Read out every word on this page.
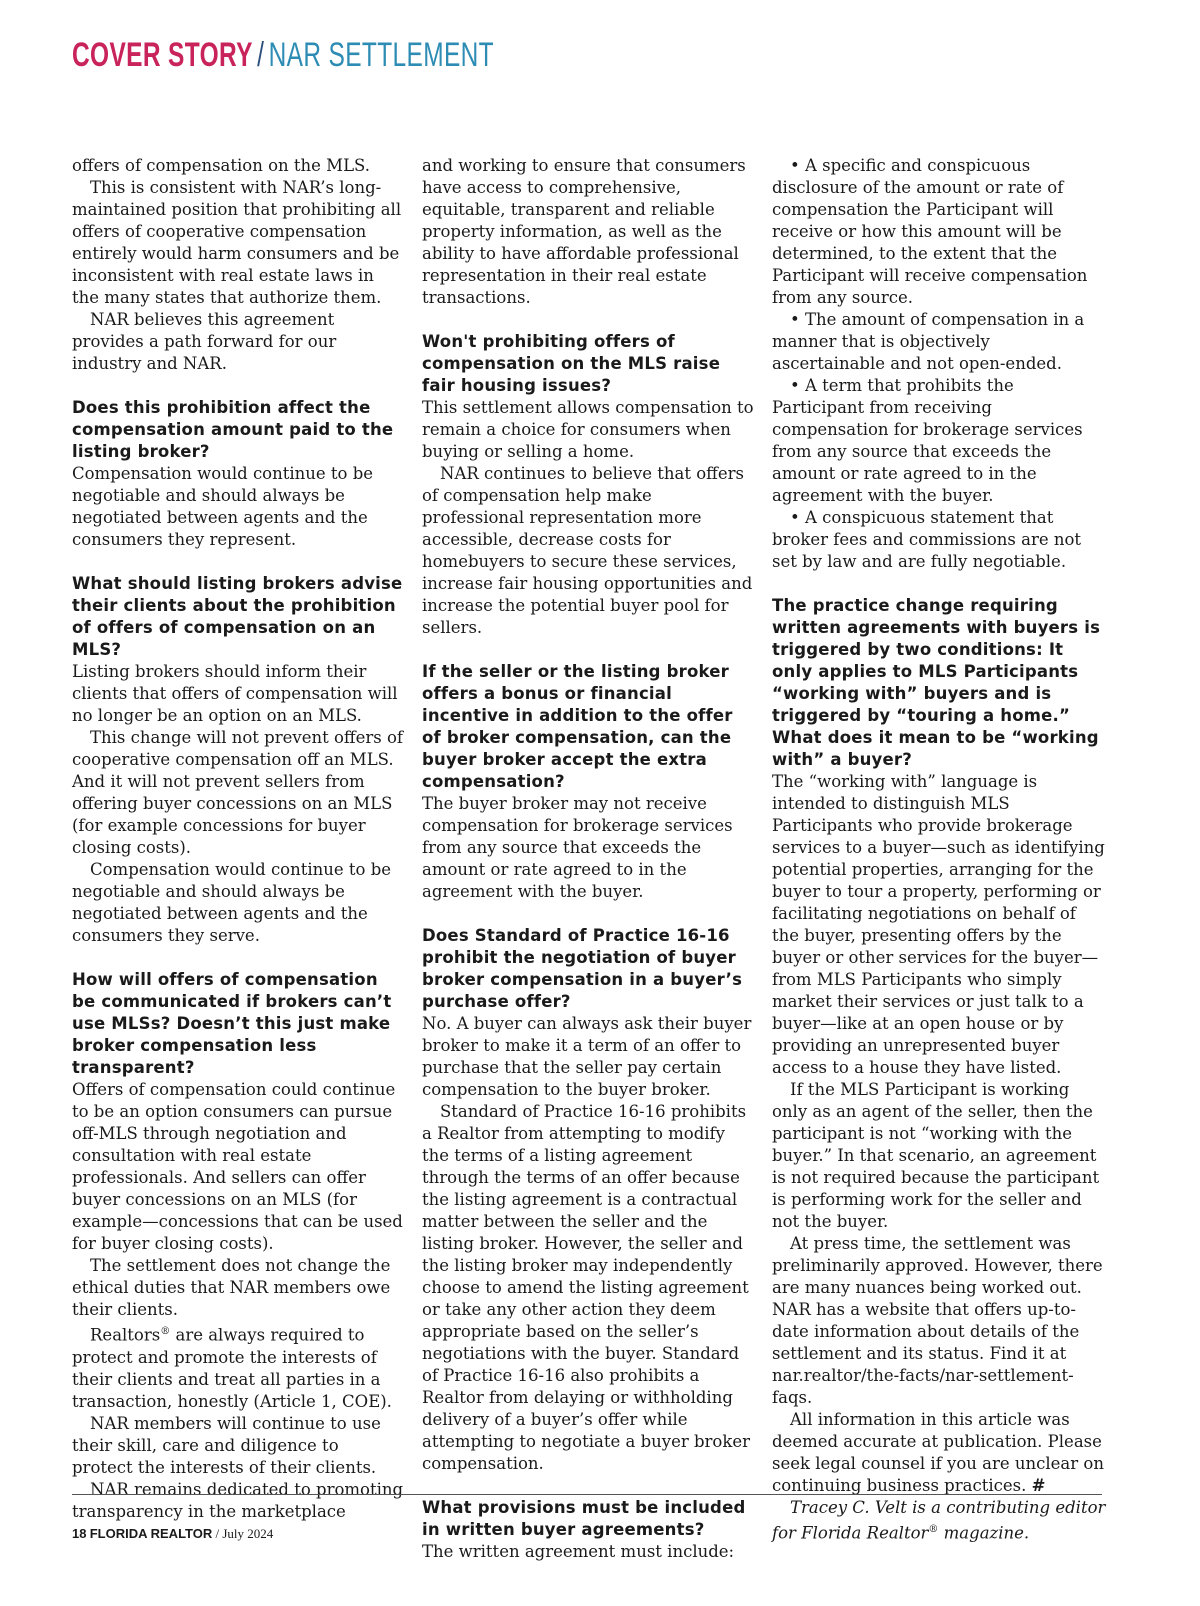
COVER STORY / NAR SETTLEMENT

offers of compensation on the MLS.

This is consistent with NAR’s long-maintained position that prohibiting all offers of cooperative compensation entirely would harm consumers and be inconsistent with real estate laws in the many states that authorize them.

NAR believes this agreement provides a path forward for our industry and NAR.

Does this prohibition affect the compensation amount paid to the listing broker?

Compensation would continue to be negotiable and should always be negotiated between agents and the consumers they represent.

What should listing brokers advise their clients about the prohibition of offers of compensation on an MLS?

Listing brokers should inform their clients that offers of compensation will no longer be an option on an MLS.

This change will not prevent offers of cooperative compensation off an MLS. And it will not prevent sellers from offering buyer concessions on an MLS (for example concessions for buyer closing costs).

Compensation would continue to be negotiable and should always be negotiated between agents and the consumers they serve.

How will offers of compensation be communicated if brokers can’t use MLSs? Doesn’t this just make broker compensation less transparent?

Offers of compensation could continue to be an option consumers can pursue off-MLS through negotiation and consultation with real estate professionals. And sellers can offer buyer concessions on an MLS (for example—concessions that can be used for buyer closing costs).

The settlement does not change the ethical duties that NAR members owe their clients.

Realtors® are always required to protect and promote the interests of their clients and treat all parties in a transaction, honestly (Article 1, COE).

NAR members will continue to use their skill, care and diligence to protect the interests of their clients.

NAR remains dedicated to promoting transparency in the marketplace

and working to ensure that consumers have access to comprehensive, equitable, transparent and reliable property information, as well as the ability to have affordable professional representation in their real estate transactions.

Won't prohibiting offers of compensation on the MLS raise fair housing issues?

This settlement allows compensation to remain a choice for consumers when buying or selling a home.

NAR continues to believe that offers of compensation help make professional representation more accessible, decrease costs for homebuyers to secure these services, increase fair housing opportunities and increase the potential buyer pool for sellers.

If the seller or the listing broker offers a bonus or financial incentive in addition to the offer of broker compensation, can the buyer broker accept the extra compensation?

The buyer broker may not receive compensation for brokerage services from any source that exceeds the amount or rate agreed to in the agreement with the buyer.

Does Standard of Practice 16-16 prohibit the negotiation of buyer broker compensation in a buyer’s purchase offer?

No. A buyer can always ask their buyer broker to make it a term of an offer to purchase that the seller pay certain compensation to the buyer broker.

Standard of Practice 16-16 prohibits a Realtor from attempting to modify the terms of a listing agreement through the terms of an offer because the listing agreement is a contractual matter between the seller and the listing broker. However, the seller and the listing broker may independently choose to amend the listing agreement or take any other action they deem appropriate based on the seller’s negotiations with the buyer. Standard of Practice 16-16 also prohibits a Realtor from delaying or withholding delivery of a buyer’s offer while attempting to negotiate a buyer broker compensation.

What provisions must be included in written buyer agreements?

The written agreement must include:

• A specific and conspicuous disclosure of the amount or rate of compensation the Participant will receive or how this amount will be determined, to the extent that the Participant will receive compensation from any source.

• The amount of compensation in a manner that is objectively ascertainable and not open-ended.

• A term that prohibits the Participant from receiving compensation for brokerage services from any source that exceeds the amount or rate agreed to in the agreement with the buyer.

• A conspicuous statement that broker fees and commissions are not set by law and are fully negotiable.

The practice change requiring written agreements with buyers is triggered by two conditions: It only applies to MLS Participants “working with” buyers and is triggered by “touring a home.” What does it mean to be “working with” a buyer?

The “working with” language is intended to distinguish MLS Participants who provide brokerage services to a buyer—such as identifying potential properties, arranging for the buyer to tour a property, performing or facilitating negotiations on behalf of the buyer, presenting offers by the buyer or other services for the buyer—from MLS Participants who simply market their services or just talk to a buyer—like at an open house or by providing an unrepresented buyer access to a house they have listed.

If the MLS Participant is working only as an agent of the seller, then the participant is not “working with the buyer.” In that scenario, an agreement is not required because the participant is performing work for the seller and not the buyer.

At press time, the settlement was preliminarily approved. However, there are many nuances being worked out. NAR has a website that offers up-to-date information about details of the settlement and its status. Find it at nar.realtor/the-facts/nar-settlement-faqs.

All information in this article was deemed accurate at publication. Please seek legal counsel if you are unclear on continuing business practices. #

Tracey C. Velt is a contributing editor for Florida Realtor® magazine.

18 FLORIDA REALTOR / July 2024
